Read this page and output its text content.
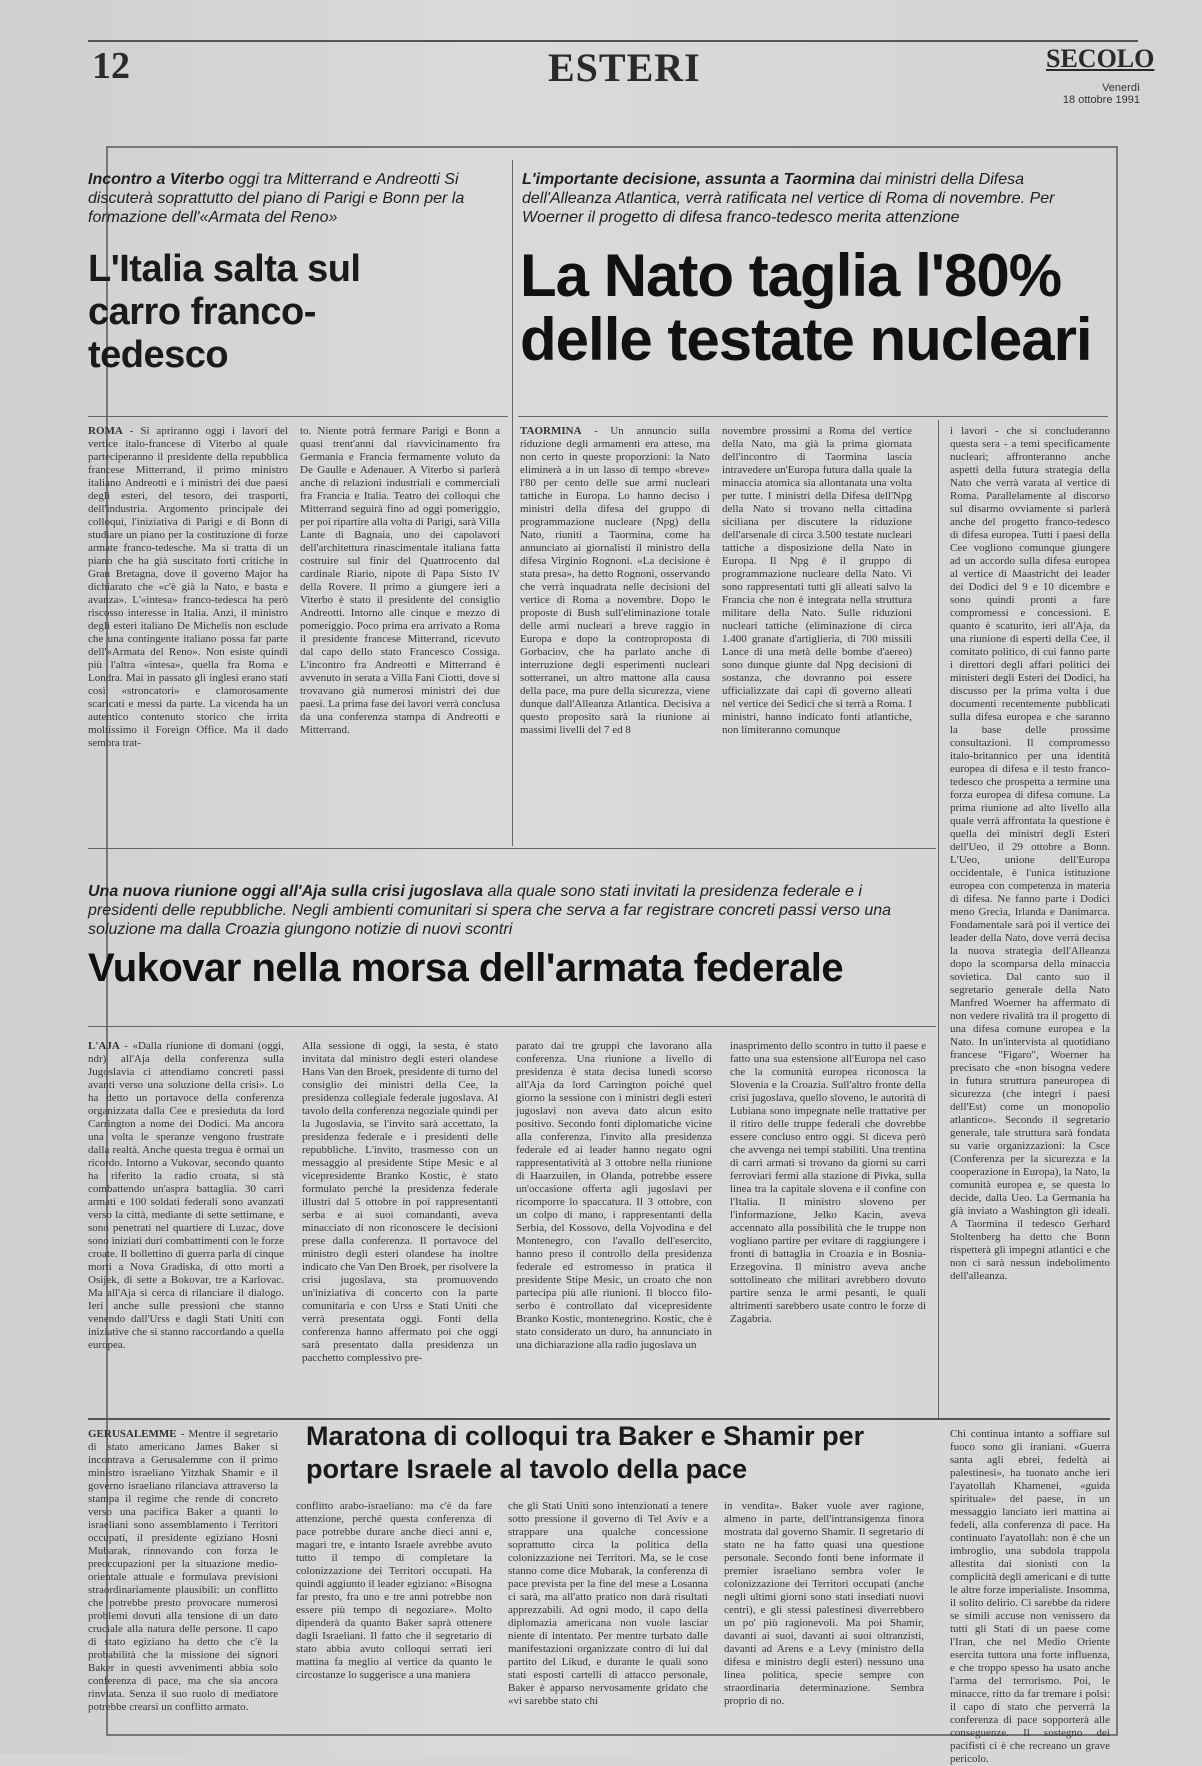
12	ESTERI	SECOLO
Venerdì
18 ottobre 1991
Incontro a Viterbo oggi tra Mitterrand e Andreotti Si discuterà soprattutto del piano di Parigi e Bonn per la formazione dell'«Armata del Reno»
L'Italia salta sul carro franco-tedesco
ROMA - Si apriranno oggi i lavori del vertice italo-francese di Viterbo al quale parteciperanno il presidente della repubblica francese Mitterrand, il primo ministro italiano Andreotti e i ministri dei due paesi degli esteri, del tesoro, dei trasporti, dell'industria. Argomento principale dei colloqui, l'iniziativa di Parigi e di Bonn di studiare un piano per la costituzione di forze armate franco-tedesche. Ma si tratta di un piano che ha già suscitato forti critiche in Gran Bretagna, dove il governo Major ha dichiarato che «c'è già la Nato, e basta e avanza». L'«intesa» franco-tedesca ha però riscosso interesse in Italia. Anzi, il ministro degli esteri italiano De Michelis non esclude che una contingente italiano possa far parte dell'«Armata del Reno». Non esiste quindi più l'altra «intesa», quella fra Roma e Londra. Mai in passato gli inglesi erano stati così «stroncatori» e clamorosamente scaricati e messi da parte. La vicenda ha un autentico contenuto storico che irrita moltissimo il Foreign Office. Ma il dado sembra trat-
to. Niente potrà fermare Parigi e Bonn a quasi trent'anni dal riavvicinamento fra Germania e Francia fermamente voluto da De Gaulle e Adenauer. A Viterbo si parlerà anche di relazioni industriali e commerciali fra Francia e Italia. Teatro dei colloqui che Mitterrand seguirà fino ad oggi pomeriggio, per poi ripartire alla volta di Parigi, sarà Villa Lante di Bagnaia, uno dei capolavori dell'architettura rinascimentale italiana fatta costruire sul finir del Quattrocento dal cardinale Riario, nipote di Papa Sisto IV della Rovere. Il primo a giungere ieri a Viterbo è stato il presidente del consiglio Andreotti. Intorno alle cinque e mezzo di pomeriggio. Poco prima era arrivato a Roma il presidente francese Mitterrand, ricevuto dal capo dello stato Francesco Cossiga. L'incontro fra Andreotti e Mitterrand è avvenuto in serata a Villa Fani Ciotti, dove si trovavano già numerosi ministri dei due paesi. La prima fase dei lavori verrà conclusa da una conferenza stampa di Andreotti e Mitterrand.
L'importante decisione, assunta a Taormina dai ministri della Difesa dell'Alleanza Atlantica, verrà ratificata nel vertice di Roma di novembre. Per Woerner il progetto di difesa franco-tedesco merita attenzione
La Nato taglia l'80% delle testate nucleari
TAORMINA - Un annuncio sulla riduzione degli armamenti era atteso, ma non certo in queste proporzioni: la Nato eliminerà a in un lasso di tempo «breve» l'80 per cento delle sue armi nucleari tattiche in Europa. Lo hanno deciso i ministri della difesa del gruppo di programmazione nucleare (Npg) della Nato, riuniti a Taormina, come ha annunciato ai giornalisti il ministro della difesa Virginio Rognoni. «La decisione è stata presa», ha detto Rognoni, osservando che verrà inquadrata nelle decisioni del vertice di Roma a novembre. Dopo le proposte di Bush sull'eliminazione totale delle armi nucleari a breve raggio in Europa e dopo la controproposta di Gorbaciov, che ha parlato anche di interruzione degli esperimenti nucleari sotterranei, un altro mattone alla causa della pace, ma pure della sicurezza, viene dunque dall'Alleanza Atlantica. Decisiva a questo proposito sarà la riunione ai massimi livelli del 7 ed 8
novembre prossimi a Roma del vertice della Nato, ma già la prima giornata dell'incontro di Taormina lascia intravedere un'Europa futura dalla quale la minaccia atomica sia allontanata una volta per tutte. I ministri della Difesa dell'Npg della Nato si trovano nella cittadina siciliana per discutere la riduzione dell'arsenale di circa 3.500 testate nucleari tattiche a disposizione della Nato in Europa. Il Npg è il gruppo di programmazione nucleare della Nato. Vi sono rappresentati tutti gli alleati salvo la Francia che non è integrata nella struttura militare della Nato. Sulle riduzioni nucleari tattiche (eliminazione di circa 1.400 granate d'artiglieria, di 700 missili Lance di una metà delle bombe d'aereo) sono dunque giunte dal Npg decisioni di sostanza, che dovranno poi essere ufficializzate dai capi di governo alleati nel vertice dei Sedici che si terrà a Roma. I ministri, hanno indicato fonti atlantiche, non limiteranno comunque
i lavori - che si concluderanno questa sera - a temi specificamente nucleari; affronteranno anche aspetti della futura strategia della Nato che verrà varata al vertice di Roma. Parallelamente al discorso sul disarmo ovviamente si parlerà anche del progetto franco-tedesco di difesa europea. Tutti i paesi della Cee vogliono comunque giungere ad un accordo sulla difesa europea al vertice di Maastricht dei leader dei Dodici del 9 e 10 dicembre e sono quindi pronti a fare compromessi e concessioni. E quanto è scaturito, ieri all'Aja, da una riunione di esperti della Cee, il comitato politico, di cui fanno parte i direttori degli affari politici dei ministeri degli Esteri dei Dodici, ha discusso per la prima volta i due documenti recentemente pubblicati sulla difesa europea e che saranno la base delle prossime consultazioni. Il compromesso italo-britannico per una identità europea di difesa e il testo franco-tedesco che prospetta a termine una forza europea di difesa comune. La prima riunione ad alto livello alla quale verrà affrontata la questione è quella dei ministri degli Esteri dell'Ueo, il 29 ottobre a Bonn. L'Ueo, unione dell'Europa occidentale, è l'unica istituzione europea con competenza in materia di difesa. Ne fanno parte i Dodici meno Grecia, Irlanda e Danimarca. Fondamentale sarà poi il vertice dei leader della Nato, dove verrà decisa la nuova strategia dell'Alleanza dopo la scomparsa della minaccia sovietica. Dal canto suo il segretario generale della Nato Manfred Woerner ha affermato di non vedere rivalità tra il progetto di una difesa comune europea e la Nato. In un'intervista al quotidiano francese "Figaro", Woerner ha precisato che «non bisogna vedere in futura struttura paneuropea di sicurezza (che integri i paesi dell'Est) come un monopolio atlantico». Secondo il segretario generale, tale struttura sarà fondata su varie organizzazioni: la Csce (Conferenza per la sicurezza e la cooperazione in Europa), la Nato, la comunità europea e, se questa lo decide, dalla Ueo. La Germania ha già inviato a Washington gli ideali. A Taormina il tedesco Gerhard Stoltenberg ha detto che Bonn rispetterà gli impegni atlantici e che non ci sarà nessun indebolimento dell'alleanza.
Una nuova riunione oggi all'Aja sulla crisi jugoslava alla quale sono stati invitati la presidenza federale e i presidenti delle repubbliche. Negli ambienti comunitari si spera che serva a far registrare concreti passi verso una soluzione ma dalla Croazia giungono notizie di nuovi scontri
Vukovar nella morsa dell'armata federale
L'AJA - «Dalla riunione di domani (oggi, ndr) all'Aja della conferenza sulla Jugoslavia ci attendiamo concreti passi avanti verso una soluzione della crisi». Lo ha detto un portavoce della conferenza organizzata dalla Cee e presieduta da lord Carrington a nome dei Dodici. Ma ancora una volta le speranze vengono frustrate dalla realtà. Anche questa tregua è ormai un ricordo. Intorno a Vukovar, secondo quanto ha riferito la radio croata, si stà combattendo un'aspra battaglia. 30 carri armati e 100 soldati federali sono avanzati verso la città, mediante di sette settimane, e sono penetrati nel quartiere di Luzac, dove sono iniziati duri combattimenti con le forze croate. Il bollettino di guerra parla di cinque morti a Nova Gradiska, di otto morti a Osijek, di sette a Bokovar, tre a Karlovac. Ma all'Aja si cerca di rilanciare il dialogo. Ieri anche sulle pressioni che stanno venendo dall'Urss e dagli Stati Uniti con iniziative che si stanno raccordando a quella europea.
Alla sessione di oggi, la sesta, è stato invitata dal ministro degli esteri olandese Hans Van den Broek, presidente di turno del consiglio dei ministri della Cee, la presidenza collegiale federale jugoslava. Al tavolo della conferenza negoziale quindi per la Jugoslavia, se l'invito sarà accettato, la presidenza federale e i presidenti delle repubbliche. L'invito, trasmesso con un messaggio al presidente Stipe Mesic e al vicepresidente Branko Kostic, è stato formulato perché la presidenza federale illustri dal 5 ottobre in poi rappresentanti serba e ai suoi comandanti, aveva minacciato di non riconoscere le decisioni prese dalla conferenza. Il portavoce del ministro degli esteri olandese ha inoltre indicato che Van Den Broek, per risolvere la crisi jugoslava, sta promuovendo un'iniziativa di concerto con la parte comunitaria e con Urss e Stati Uniti che verrà presentata oggi. Fonti della conferenza hanno affermato poi che oggi sarà presentato dalla presidenza un pacchetto complessivo pre-
parato dai tre gruppi che lavorano alla conferenza. Una riunione a livello di presidenza è stata decisa lunedì scorso all'Aja da lord Carrington poiché quel giorno la sessione con i ministri degli esteri jugoslavi non aveva dato alcun esito positivo. Secondo fonti diplomatiche vicine alla conferenza, l'invito alla presidenza federale ed ai leader hanno negato ogni rappresentatività al 3 ottobre nella riunione di Haarzuilen, in Olanda, potrebbe essere un'occasione offerta agli jugoslavi per ricomporre lo spaccatura. Il 3 ottobre, con un colpo di mano, i rappresentanti della Serbia, del Kossovo, della Vojvodina e del Montenegro, con l'avallo dell'esercito, hanno preso il controllo della presidenza federale ed estromesso in pratica il presidente Stipe Mesic, un croato che non partecipa più alle riunioni. Il blocco filo-serbo è controllato dal vicepresidente Branko Kostic, montenegrino. Kostic, che è stato considerato un duro, ha annunciato in una dichiarazione alla radio jugoslava un
inasprimento dello scontro in tutto il paese e fatto una sua estensione all'Europa nel caso che la comunità europea riconosca la Slovenia e la Croazia. Sull'altro fronte della crisi jugoslava, quello sloveno, le autorità di Lubiana sono impegnate nelle trattative per il ritiro delle truppe federali che dovrebbe essere concluso entro oggi. Si diceva però che avvenga nei tempi stabiliti. Una trentina di carri armati si trovano da giorni su carri ferroviari fermi alla stazione di Pivka, sulla linea tra la capitale slovena e il confine con l'Italia. Il ministro sloveno per l'informazione, Jelko Kacin, aveva accennato alla possibilità che le truppe non vogliano partire per evitare di raggiungere i fronti di battaglia in Croazia e in Bosnia-Erzegovina. Il ministro aveva anche sottolineato che militari avrebbero dovuto partire senza le armi pesanti, le quali altrimenti sarebbero usate contro le forze di Zagabria.
GERUSALEMME - Mentre il segretario di stato americano James Baker si incontrava a Gerusalemme con il primo ministro israeliano Yitzhak Shamir e il governo israeliano rilanciava attraverso la stampa il regime che rende di concreto verso una pacifica Baker a quanti lo israeliani sono assemblamento i Territori occupati, il presidente egiziano Hosni Mubarak, rinnovando con forza le preoccupazioni per la situazione medio-orientale attuale e formulava previsioni straordinariamente plausibili: un conflitto che potrebbe presto provocare numerosi problemi dovuti alla tensione di un dato cruciale alla natura delle persone. Il capo di stato egiziano ha detto che c'è la probabilità che la missione dei signori Baker in questi avvenimenti abbia solo conferenza di pace, ma che sia ancora rinviata. Senza il suo ruolo di mediatore potrebbe crearsi un conflitto armato.
Maratona di colloqui tra Baker e Shamir per portare Israele al tavolo della pace
conflitto arabo-israeliano: ma c'è da fare attenzione, perché questa conferenza di pace potrebbe durare anche dieci anni e, magari tre, e intanto Israele avrebbe avuto tutto il tempo di completare la colonizzazione dei Territori occupati. Ha quindi aggiunto il leader egiziano: «Bisogna far presto, fra uno e tre anni potrebbe non essere più tempo di negoziare». Molto dipenderà da quanto Baker saprà ottenere dagli Israeliani. Il fatto che il segretario di stato abbia avuto colloqui serrati ieri mattina fa meglio al vertice da quanto le circostanze lo suggerisce a una maniera
che gli Stati Uniti sono intenzionati a tenere sotto pressione il governo di Tel Aviv e a strappare una qualche concessione soprattutto circa la politica della colonizzazione nei Territori. Ma, se le cose stanno come dice Mubarak, la conferenza di pace prevista per la fine del mese a Losanna ci sarà, ma all'atto pratico non darà risultati apprezzabili. Ad ogni modo, il capo della diplomazia americana non vuole lasciar niente di intentato. Per mentre turbato dalle manifestazioni organizzate contro di lui dal partito del Likud, e durante le quali sono stati esposti cartelli di attacco personale, Baker è apparso nervosamente gridato che «vi sarebbe stato chi
in vendita». Baker vuole aver ragione, almeno in parte, dell'intransigenza finora mostrata dal governo Shamir. Il segretario di stato ne ha fatto quasi una questione personale. Secondo fonti bene informate il premier israeliano sembra voler le colonizzazione dei Territori occupati (anche negli ultimi giorni sono stati insediati nuovi centri), e gli stessi palestinesi diverrebbero un po' più ragionevoli. Ma poi Shamir, davanti ai suoi, davanti ai suoi oltranzisti, davanti ad Arens e a Levy (ministro della difesa e ministro degli esteri) nessuno una linea politica, specie sempre con straordinaria determinazione. Sembra proprio di no.
Chi continua intanto a soffiare sul fuoco sono gli iraniani. «Guerra santa agli ebrei, fedeltà ai palestinesi», ha tuonato anche ieri l'ayatollah Khamenei, «guida spirituale» del paese, in un messaggio lanciato ieri mattina ai fedeli, alla conferenza di pace. Ha continuato l'ayatollah: non è che un imbroglio, una subdola trappola allestita dai sionisti con la complicità degli americani e di tutte le altre forze imperialiste. Insomma, il solito delirio. Ci sarebbe da ridere se simili accuse non venissero da tutti gli Stati di un paese come l'Iran, che nel Medio Oriente esercita tuttora una forte influenza, e che troppo spesso ha usato anche l'arma del terrorismo. Poi, le minacce, ritto da far tremare i polsi: il capo di stato che perverrà la conferenza di pace sopporterà alle conseguenze. Il sostegno dei pacifisti ci è che recreano un grave pericolo.
